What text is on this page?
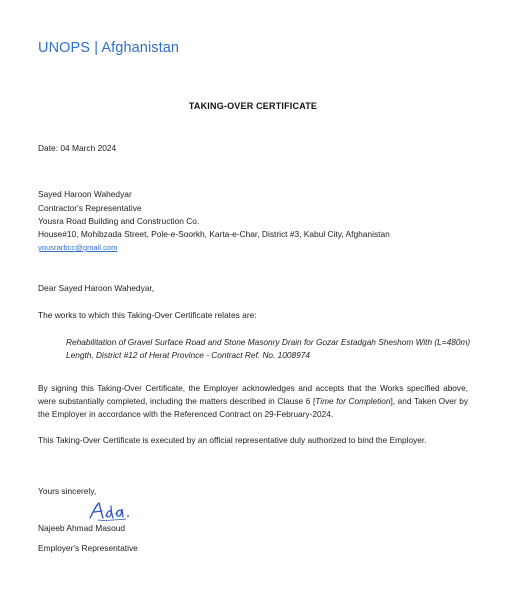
UNOPS | Afghanistan
TAKING-OVER CERTIFICATE
Date: 04 March 2024
Sayed Haroon Wahedyar
Contractor's Representative
Yousra Road Building and Construction Co.
House#10, Mohibzada Street, Pole-e-Soorkh, Karta-e-Char, District #3, Kabul City, Afghanistan
yousrarbcc@gmail.com
Dear Sayed Haroon Wahedyar,
The works to which this Taking-Over Certificate relates are:
Rehabilitation of Gravel Surface Road and Stone Masonry Drain for Gozar Estadgah Sheshom With (L=480m)
Length, District #12 of Herat Province - Contract Ref. No. 1008974
By signing this Taking-Over Certificate, the Employer acknowledges and accepts that the Works specified above, were substantially completed, including the matters described in Clause 6 [Time for Completion], and Taken Over by the Employer in accordance with the Referenced Contract on 29-February-2024.
This Taking-Over Certificate is executed by an official representative duly authorized to bind the Employer.
Yours sincerely,
Najeeb Ahmad Masoud
Employer's Representative
